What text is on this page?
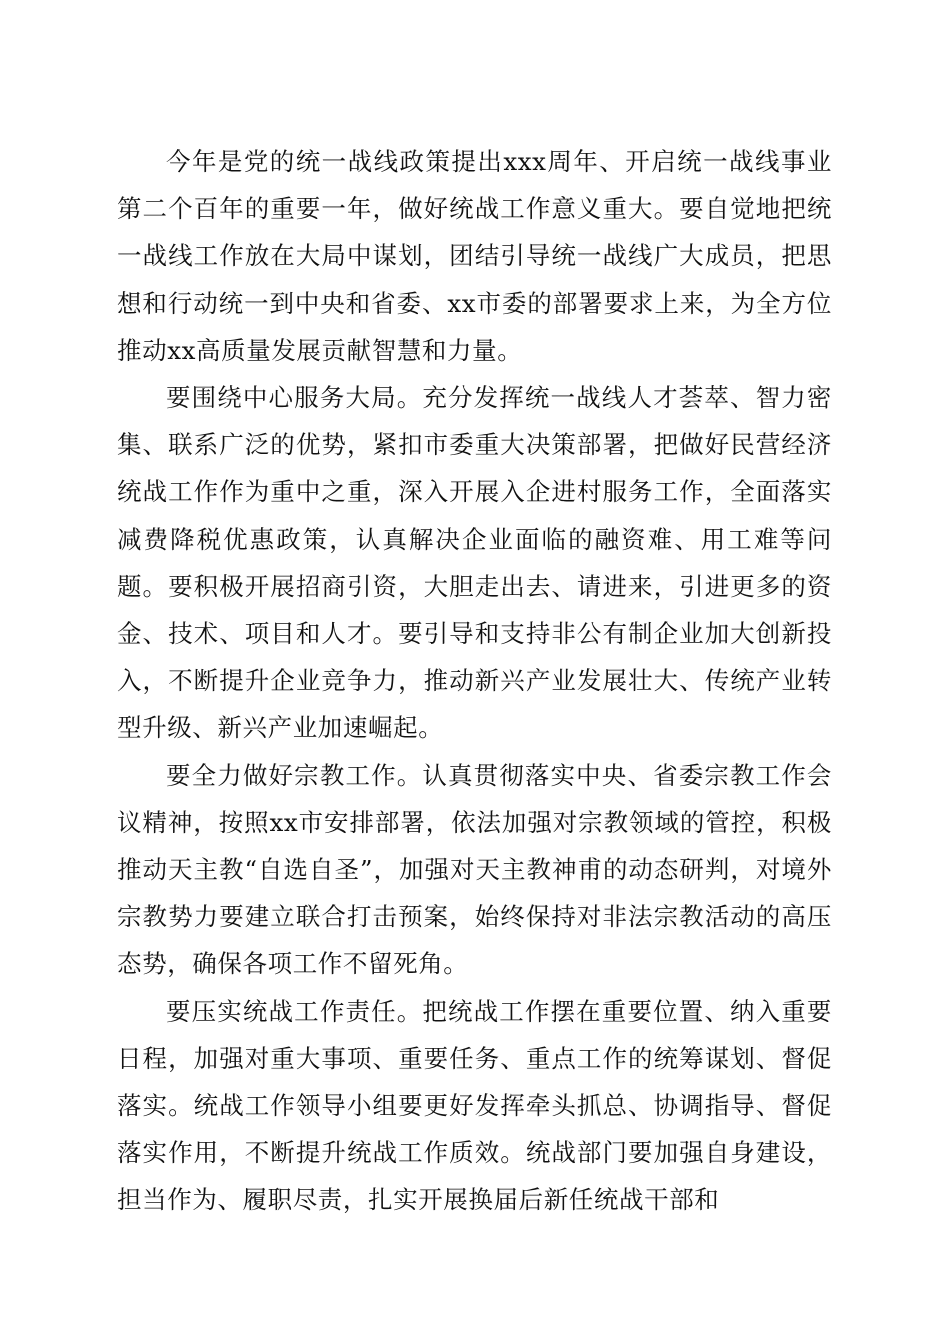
今年是党的统一战线政策提出xxx周年、开启统一战线事业第二个百年的重要一年，做好统战工作意义重大。要自觉地把统一战线工作放在大局中谋划，团结引导统一战线广大成员，把思想和行动统一到中央和省委、xx市委的部署要求上来，为全方位推动xx高质量发展贡献智慧和力量。

要围绕中心服务大局。充分发挥统一战线人才荟萃、智力密集、联系广泛的优势，紧扣市委重大决策部署，把做好民营经济统战工作作为重中之重，深入开展入企进村服务工作，全面落实减费降税优惠政策，认真解决企业面临的融资难、用工难等问题。要积极开展招商引资，大胆走出去、请进来，引进更多的资金、技术、项目和人才。要引导和支持非公有制企业加大创新投入，不断提升企业竞争力，推动新兴产业发展壮大、传统产业转型升级、新兴产业加速崛起。

要全力做好宗教工作。认真贯彻落实中央、省委宗教工作会议精神，按照xx市安排部署，依法加强对宗教领域的管控，积极推动天主教“自选自圣”，加强对天主教神甫的动态研判，对境外宗教势力要建立联合打击预案，始终保持对非法宗教活动的高压态势，确保各项工作不留死角。

要压实统战工作责任。把统战工作摆在重要位置、纳入重要日程，加强对重大事项、重要任务、重点工作的统筹谋划、督促落实。统战工作领导小组要更好发挥牵头抓总、协调指导、督促落实作用，不断提升统战工作质效。统战部门要加强自身建设，担当作为、履职尽责，扎实开展换届后新任统战干部和
